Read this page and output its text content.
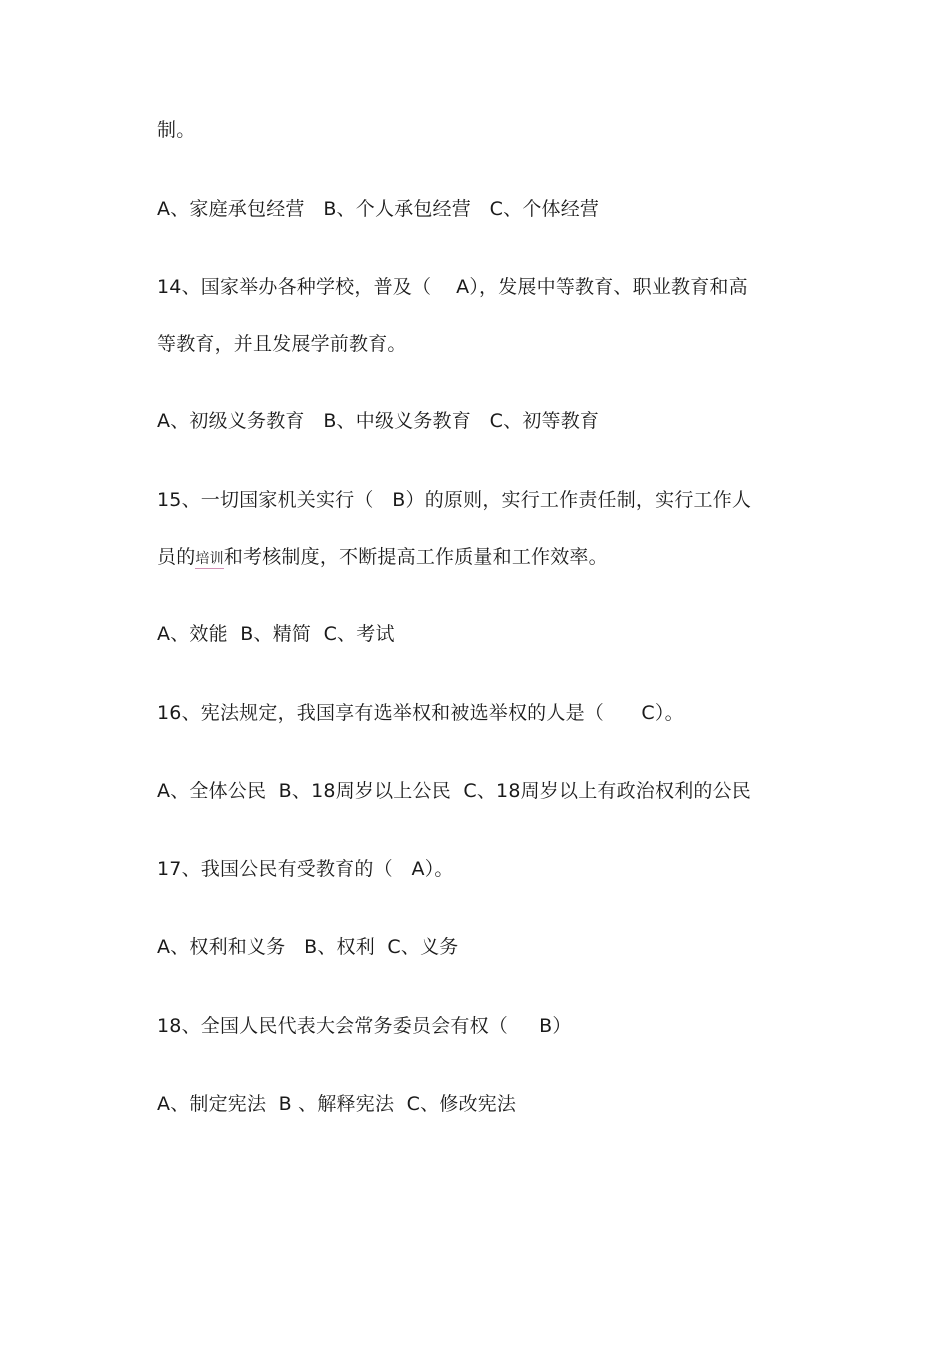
制。
A、家庭承包经营   B、个人承包经营   C、个体经营
14、国家举办各种学校，普及（    A），发展中等教育、职业教育和高
等教育，并且发展学前教育。
A、初级义务教育   B、中级义务教育   C、初等教育
15、一切国家机关实行（   B）的原则，实行工作责任制，实行工作人
员的培训和考核制度，不断提高工作质量和工作效率。
A、效能  B、精简  C、考试
16、宪法规定，我国享有选举权和被选举权的人是（      C）。
A、全体公民  B、18周岁以上公民  C、18周岁以上有政治权利的公民
17、我国公民有受教育的（   A）。
A、权利和义务   B、权利  C、义务
18、全国人民代表大会常务委员会有权（     B）
A、制定宪法  B 、解释宪法  C、修改宪法
